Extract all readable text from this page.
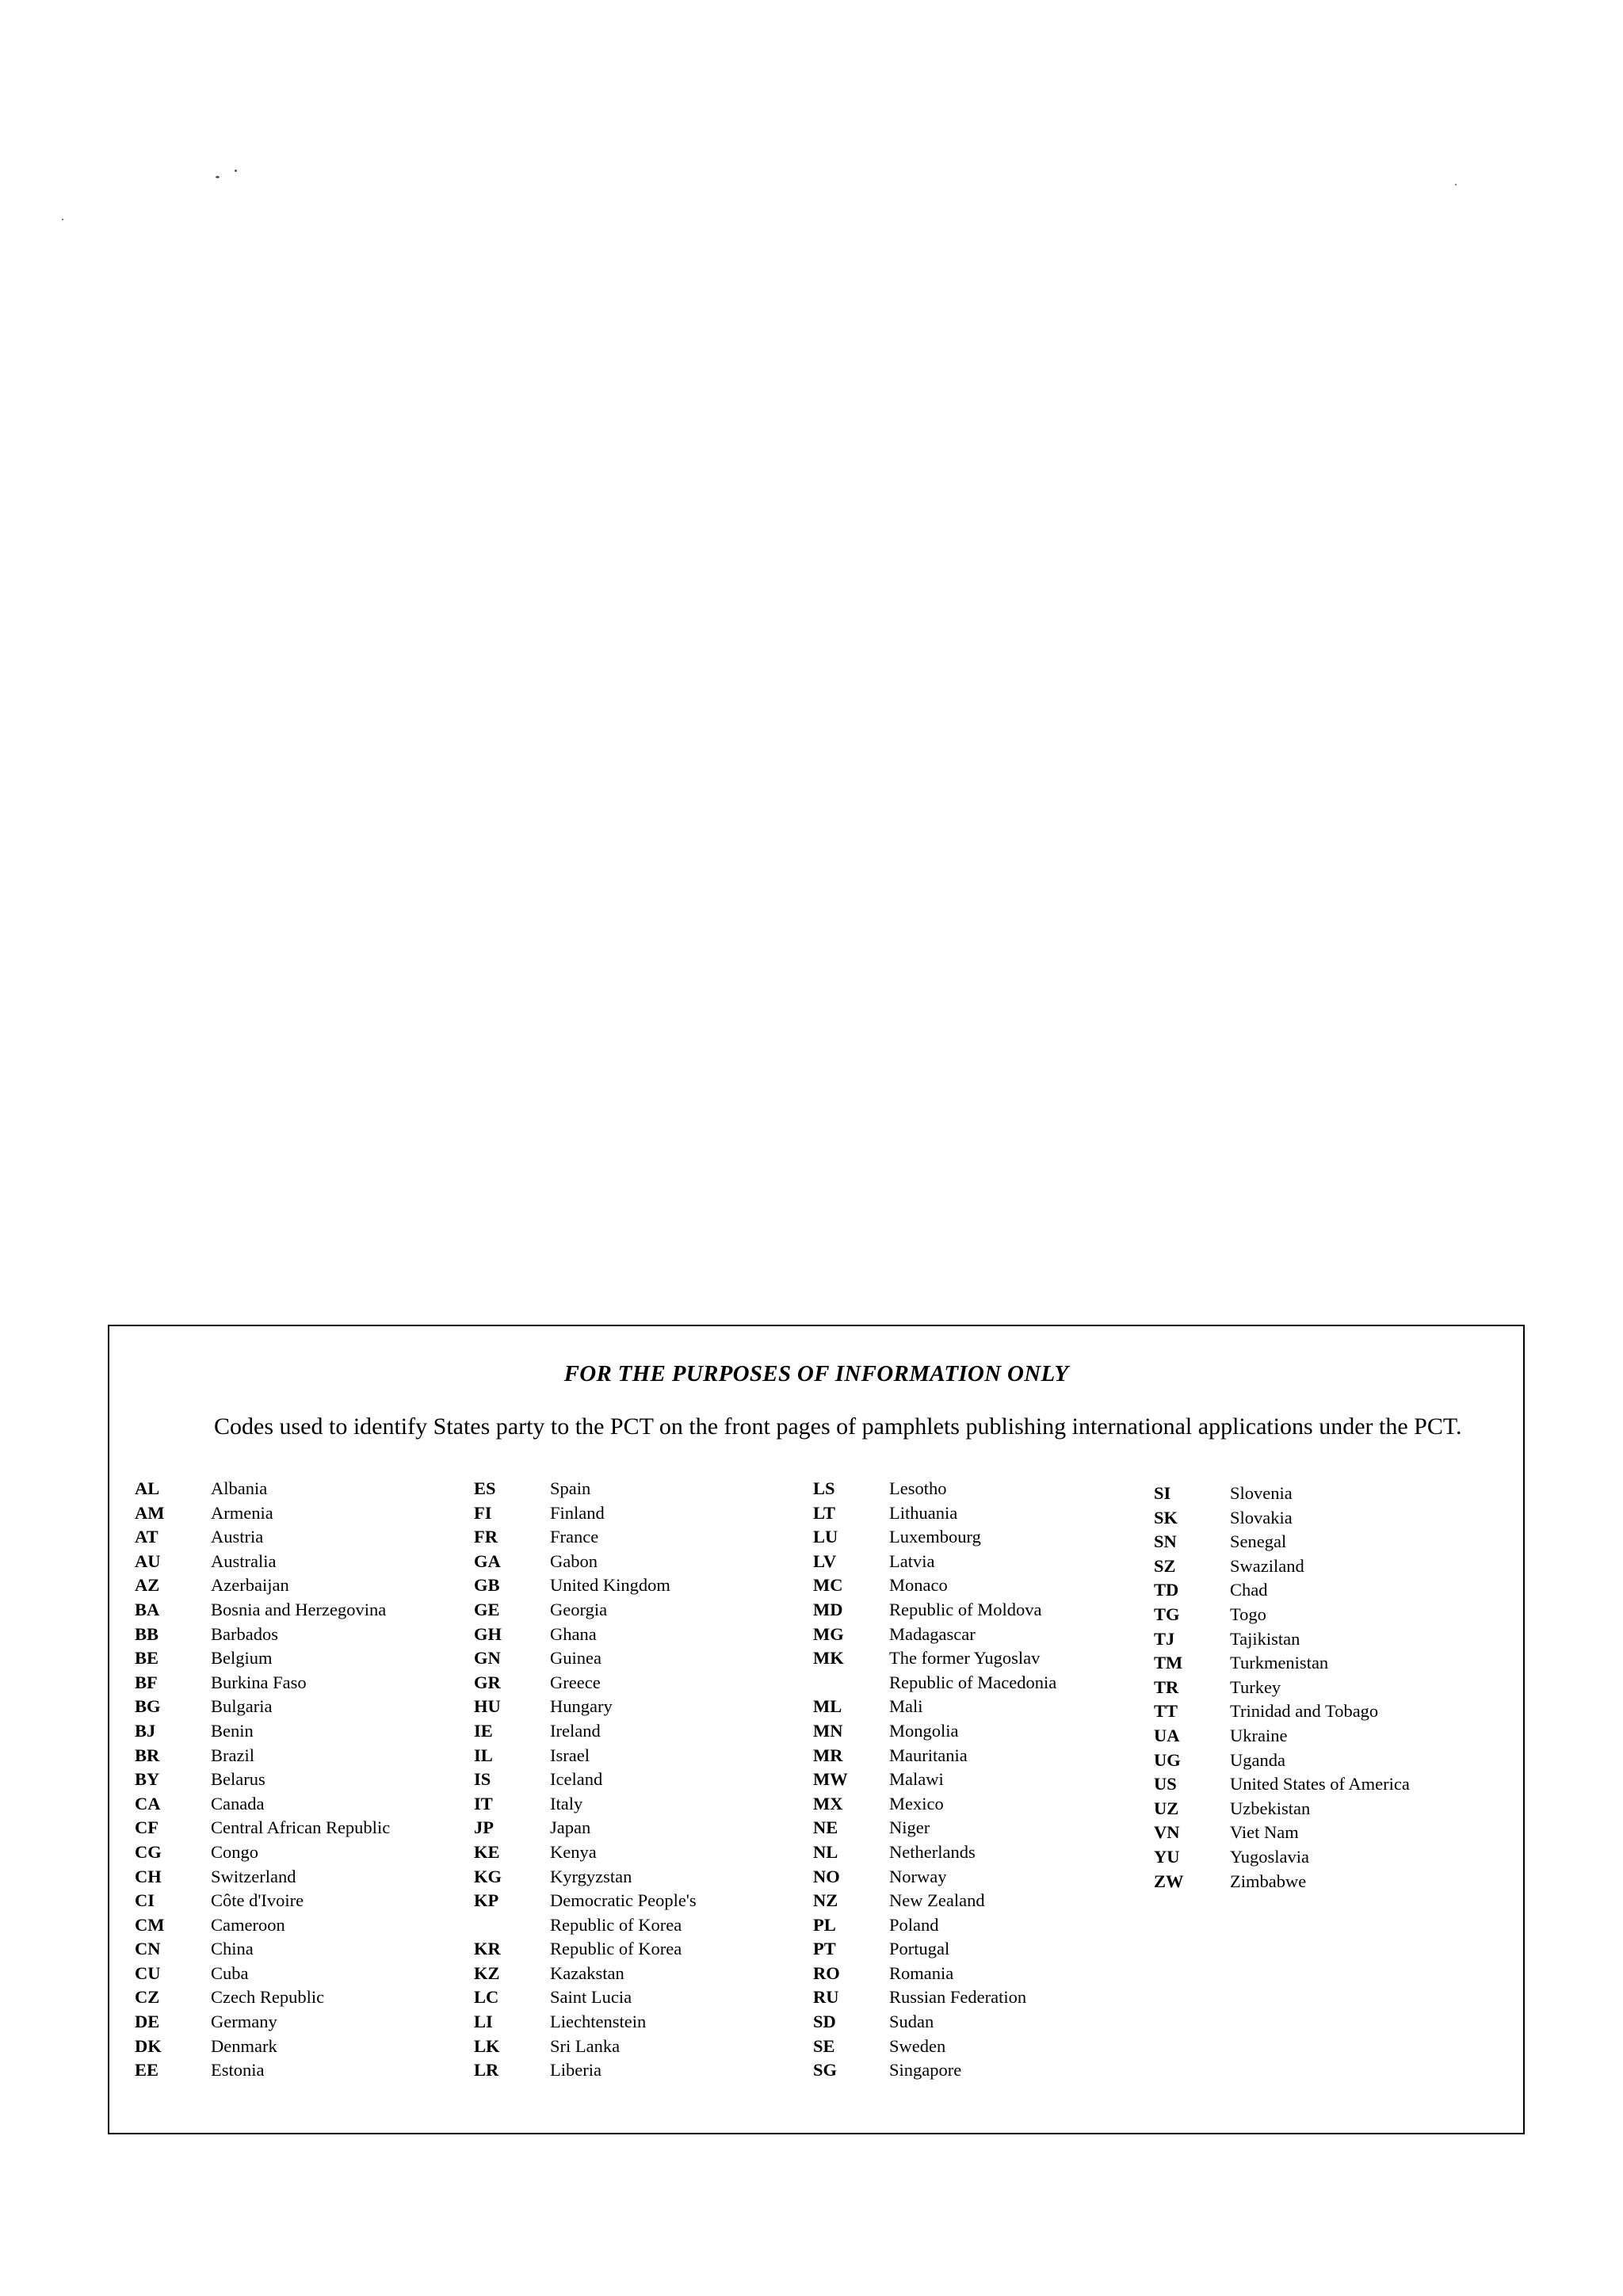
FOR THE PURPOSES OF INFORMATION ONLY
Codes used to identify States party to the PCT on the front pages of pamphlets publishing international applications under the PCT.
AL	Albania
AM	Armenia
AT	Austria
AU	Australia
AZ	Azerbaijan
BA	Bosnia and Herzegovina
BB	Barbados
BE	Belgium
BF	Burkina Faso
BG	Bulgaria
BJ	Benin
BR	Brazil
BY	Belarus
CA	Canada
CF	Central African Republic
CG	Congo
CH	Switzerland
CI	Côte d'Ivoire
CM	Cameroon
CN	China
CU	Cuba
CZ	Czech Republic
DE	Germany
DK	Denmark
EE	Estonia
ES	Spain
FI	Finland
FR	France
GA	Gabon
GB	United Kingdom
GE	Georgia
GH	Ghana
GN	Guinea
GR	Greece
HU	Hungary
IE	Ireland
IL	Israel
IS	Iceland
IT	Italy
JP	Japan
KE	Kenya
KG	Kyrgyzstan
KP	Democratic People's
Republic of Korea
KR	Republic of Korea
KZ	Kazakstan
LC	Saint Lucia
LI	Liechtenstein
LK	Sri Lanka
LR	Liberia
LS	Lesotho
LT	Lithuania
LU	Luxembourg
LV	Latvia
MC	Monaco
MD	Republic of Moldova
MG	Madagascar
MK	The former Yugoslav
Republic of Macedonia
ML	Mali
MN	Mongolia
MR	Mauritania
MW	Malawi
MX	Mexico
NE	Niger
NL	Netherlands
NO	Norway
NZ	New Zealand
PL	Poland
PT	Portugal
RO	Romania
RU	Russian Federation
SD	Sudan
SE	Sweden
SG	Singapore
SI	Slovenia
SK	Slovakia
SN	Senegal
SZ	Swaziland
TD	Chad
TG	Togo
TJ	Tajikistan
TM	Turkmenistan
TR	Turkey
TT	Trinidad and Tobago
UA	Ukraine
UG	Uganda
US	United States of America
UZ	Uzbekistan
VN	Viet Nam
YU	Yugoslavia
ZW	Zimbabwe
